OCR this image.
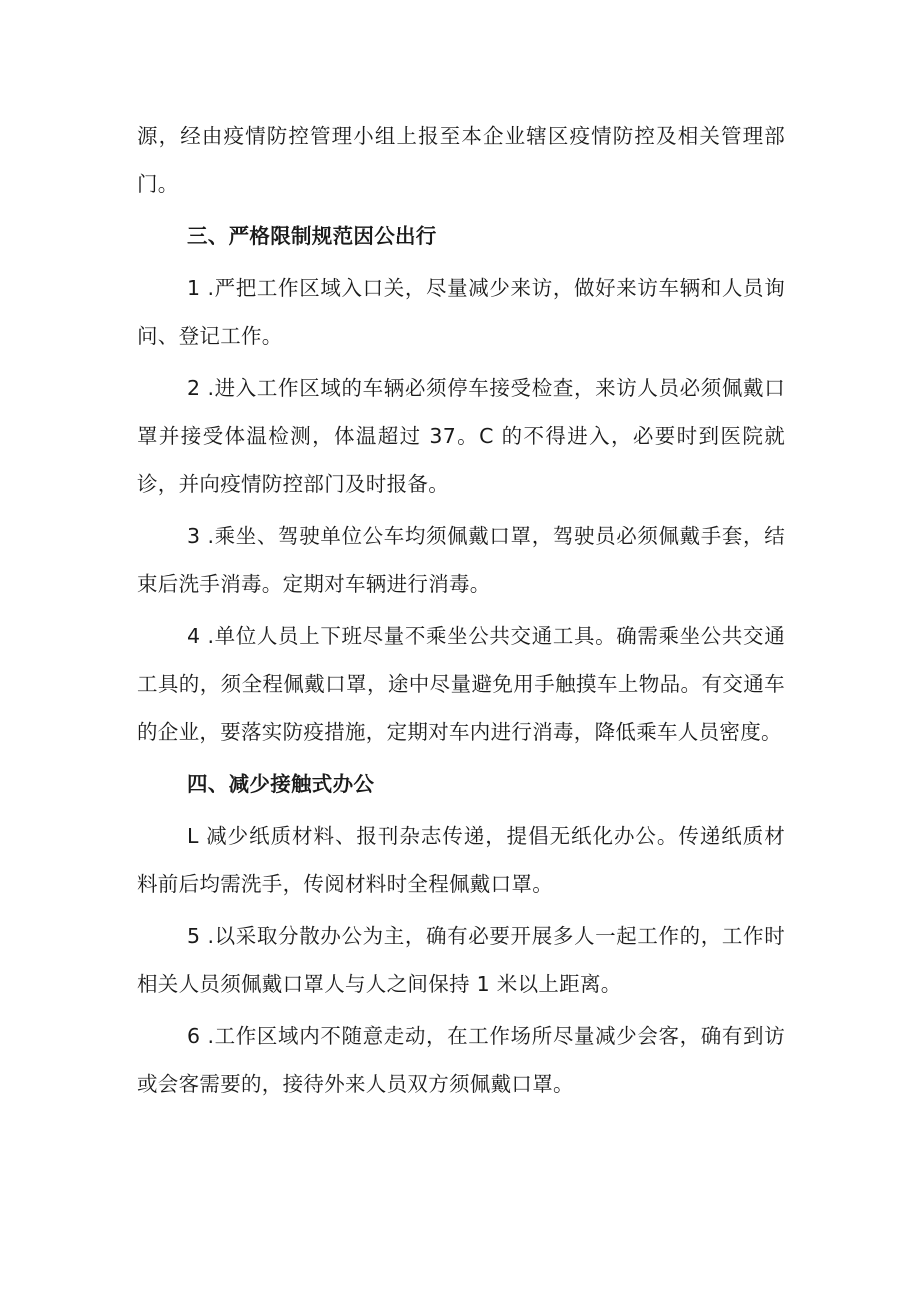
源，经由疫情防控管理小组上报至本企业辖区疫情防控及相关管理部门。

三、严格限制规范因公出行

1 .严把工作区域入口关，尽量减少来访，做好来访车辆和人员询问、登记工作。

2 .进入工作区域的车辆必须停车接受检查，来访人员必须佩戴口罩并接受体温检测，体温超过 37。C 的不得进入，必要时到医院就诊，并向疫情防控部门及时报备。

3 .乘坐、驾驶单位公车均须佩戴口罩，驾驶员必须佩戴手套，结束后洗手消毒。定期对车辆进行消毒。

4 .单位人员上下班尽量不乘坐公共交通工具。确需乘坐公共交通工具的，须全程佩戴口罩，途中尽量避免用手触摸车上物品。有交通车的企业，要落实防疫措施，定期对车内进行消毒，降低乘车人员密度。

四、减少接触式办公

L 减少纸质材料、报刊杂志传递，提倡无纸化办公。传递纸质材料前后均需洗手，传阅材料时全程佩戴口罩。

5 .以采取分散办公为主，确有必要开展多人一起工作的，工作时相关人员须佩戴口罩人与人之间保持 1 米以上距离。

6 .工作区域内不随意走动，在工作场所尽量减少会客，确有到访或会客需要的，接待外来人员双方须佩戴口罩。
